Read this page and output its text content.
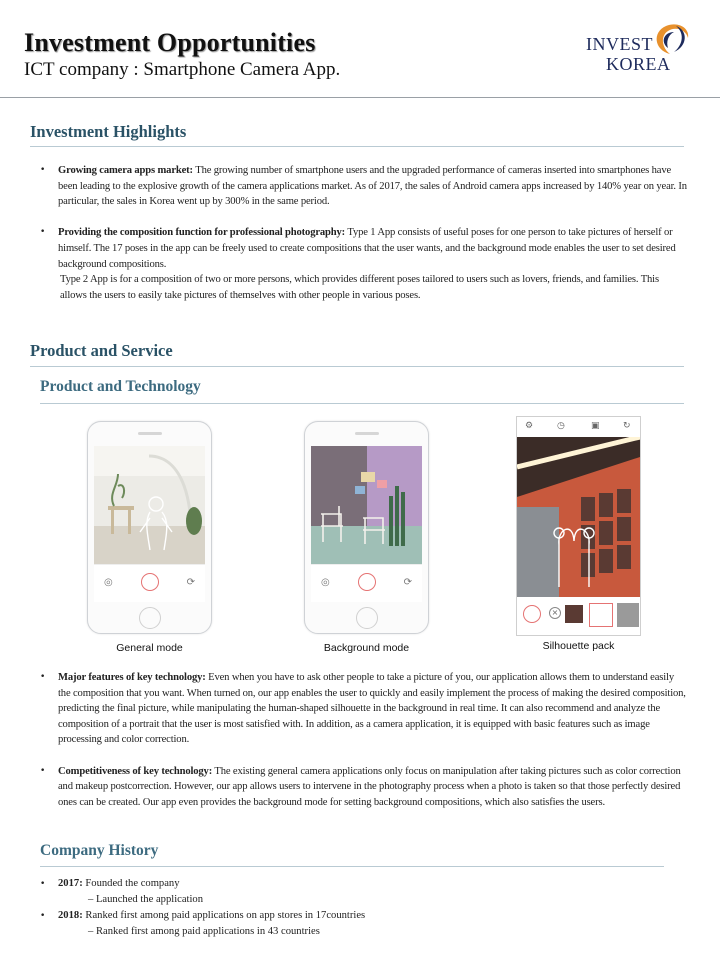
Investment Opportunities
ICT company : Smartphone Camera App.
INVEST
KOREA
Investment Highlights
• Growing camera apps market: The growing number of smartphone users and the upgraded performance of cameras inserted into smartphones have been leading to the explosive growth of the camera applications market. As of 2017, the sales of Android camera apps increased by 140% year on year. In particular, the sales in Korea went up by 300% in the same period.
• Providing the composition function for professional photography: Type 1 App consists of useful poses for one person to take pictures of herself or himself. The 17 poses in the app can be freely used to create compositions that the user wants, and the background mode enables the user to set desired background compositions.
Type 2 App is for a composition of two or more persons, which provides different poses tailored to users such as lovers, friends, and families. This allows the users to easily take pictures of themselves with other people in various poses.
Product and Service
Product and Technology
◎	⟳
General mode
◎	⟳
Background mode
⚙	◷	▣	↻
×
Silhouette pack
• Major features of key technology: Even when you have to ask other people to take a picture of you, our application allows them to understand easily the composition that you want. When turned on, our app enables the user to quickly and easily implement the process of making the desired composition, predicting the final picture, while manipulating the human-shaped silhouette in the background in real time. It can also recommend and analyze the composition of a portrait that the user is most satisfied with. In addition, as a camera application, it is equipped with basic features such as image processing and color correction.
• Competitiveness of key technology: The existing general camera applications only focus on manipulation after taking pictures such as color correction and makeup postcorrection. However, our app allows users to intervene in the photography process when a photo is taken so that those perfectly desired ones can be created. Our app even provides the background mode for setting background compositions, which also satisfies the users.
Company History
• 2017: Founded the company
– Launched the application
• 2018: Ranked first among paid applications on app stores in 17countries
– Ranked first among paid applications in 43 countries
